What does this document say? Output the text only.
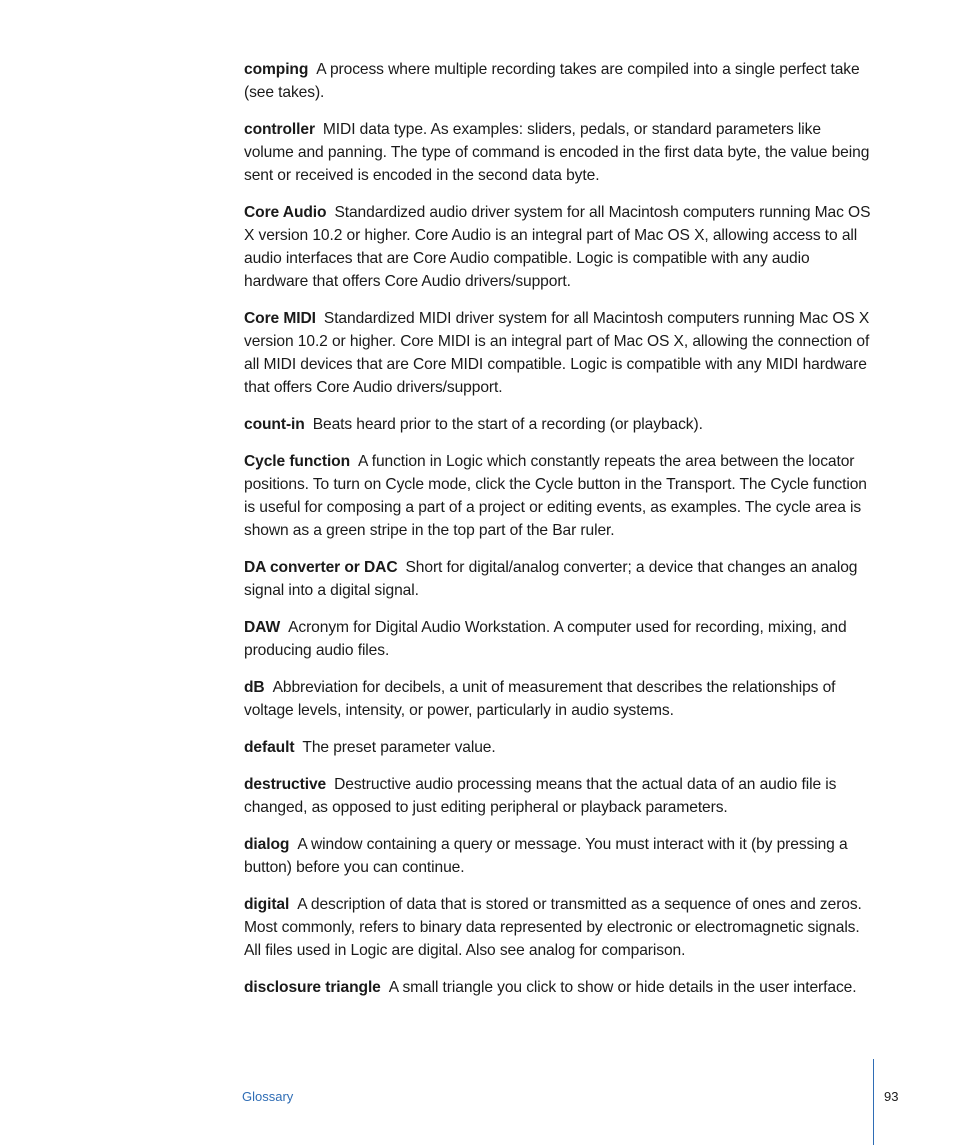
comping A process where multiple recording takes are compiled into a single perfect take (see takes).

controller MIDI data type. As examples: sliders, pedals, or standard parameters like volume and panning. The type of command is encoded in the first data byte, the value being sent or received is encoded in the second data byte.

Core Audio Standardized audio driver system for all Macintosh computers running Mac OS X version 10.2 or higher. Core Audio is an integral part of Mac OS X, allowing access to all audio interfaces that are Core Audio compatible. Logic is compatible with any audio hardware that offers Core Audio drivers/support.

Core MIDI Standardized MIDI driver system for all Macintosh computers running Mac OS X version 10.2 or higher. Core MIDI is an integral part of Mac OS X, allowing the connection of all MIDI devices that are Core MIDI compatible. Logic is compatible with any MIDI hardware that offers Core Audio drivers/support.

count-in Beats heard prior to the start of a recording (or playback).

Cycle function A function in Logic which constantly repeats the area between the locator positions. To turn on Cycle mode, click the Cycle button in the Transport. The Cycle function is useful for composing a part of a project or editing events, as examples. The cycle area is shown as a green stripe in the top part of the Bar ruler.

DA converter or DAC Short for digital/analog converter; a device that changes an analog signal into a digital signal.

DAW Acronym for Digital Audio Workstation. A computer used for recording, mixing, and producing audio files.

dB Abbreviation for decibels, a unit of measurement that describes the relationships of voltage levels, intensity, or power, particularly in audio systems.

default The preset parameter value.

destructive Destructive audio processing means that the actual data of an audio file is changed, as opposed to just editing peripheral or playback parameters.

dialog A window containing a query or message. You must interact with it (by pressing a button) before you can continue.

digital A description of data that is stored or transmitted as a sequence of ones and zeros. Most commonly, refers to binary data represented by electronic or electromagnetic signals. All files used in Logic are digital. Also see analog for comparison.

disclosure triangle A small triangle you click to show or hide details in the user interface.

Glossary	93
